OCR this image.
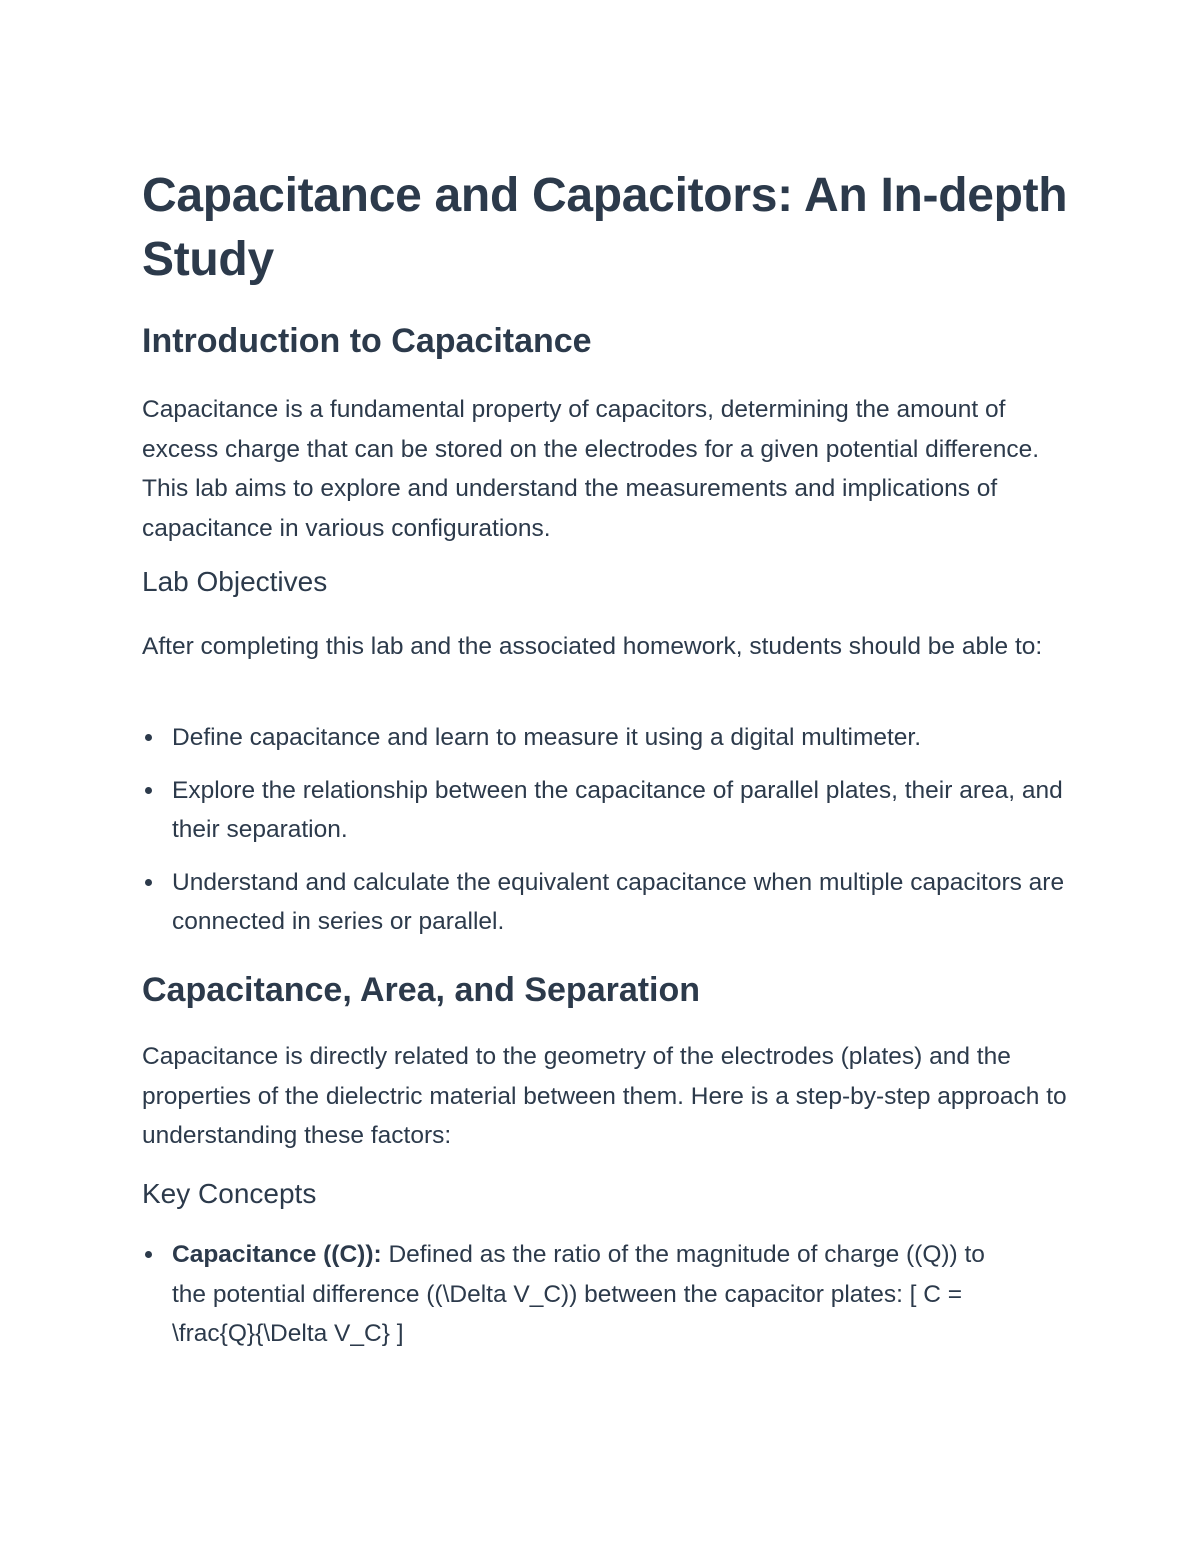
Capacitance and Capacitors: An In-depth Study
Introduction to Capacitance

Capacitance is a fundamental property of capacitors, determining the amount of excess charge that can be stored on the electrodes for a given potential difference. This lab aims to explore and understand the measurements and implications of capacitance in various configurations.

Lab Objectives

After completing this lab and the associated homework, students should be able to:

Define capacitance and learn to measure it using a digital multimeter.
Explore the relationship between the capacitance of parallel plates, their area, and their separation.
Understand and calculate the equivalent capacitance when multiple capacitors are connected in series or parallel.
Capacitance, Area, and Separation

Capacitance is directly related to the geometry of the electrodes (plates) and the properties of the dielectric material between them. Here is a step-by-step approach to understanding these factors:

Key Concepts
Capacitance ((C)): Defined as the ratio of the magnitude of charge ((Q)) to the potential difference ((\Delta V_C)) between the capacitor plates: [ C = \frac{Q}{\Delta V_C} ]
